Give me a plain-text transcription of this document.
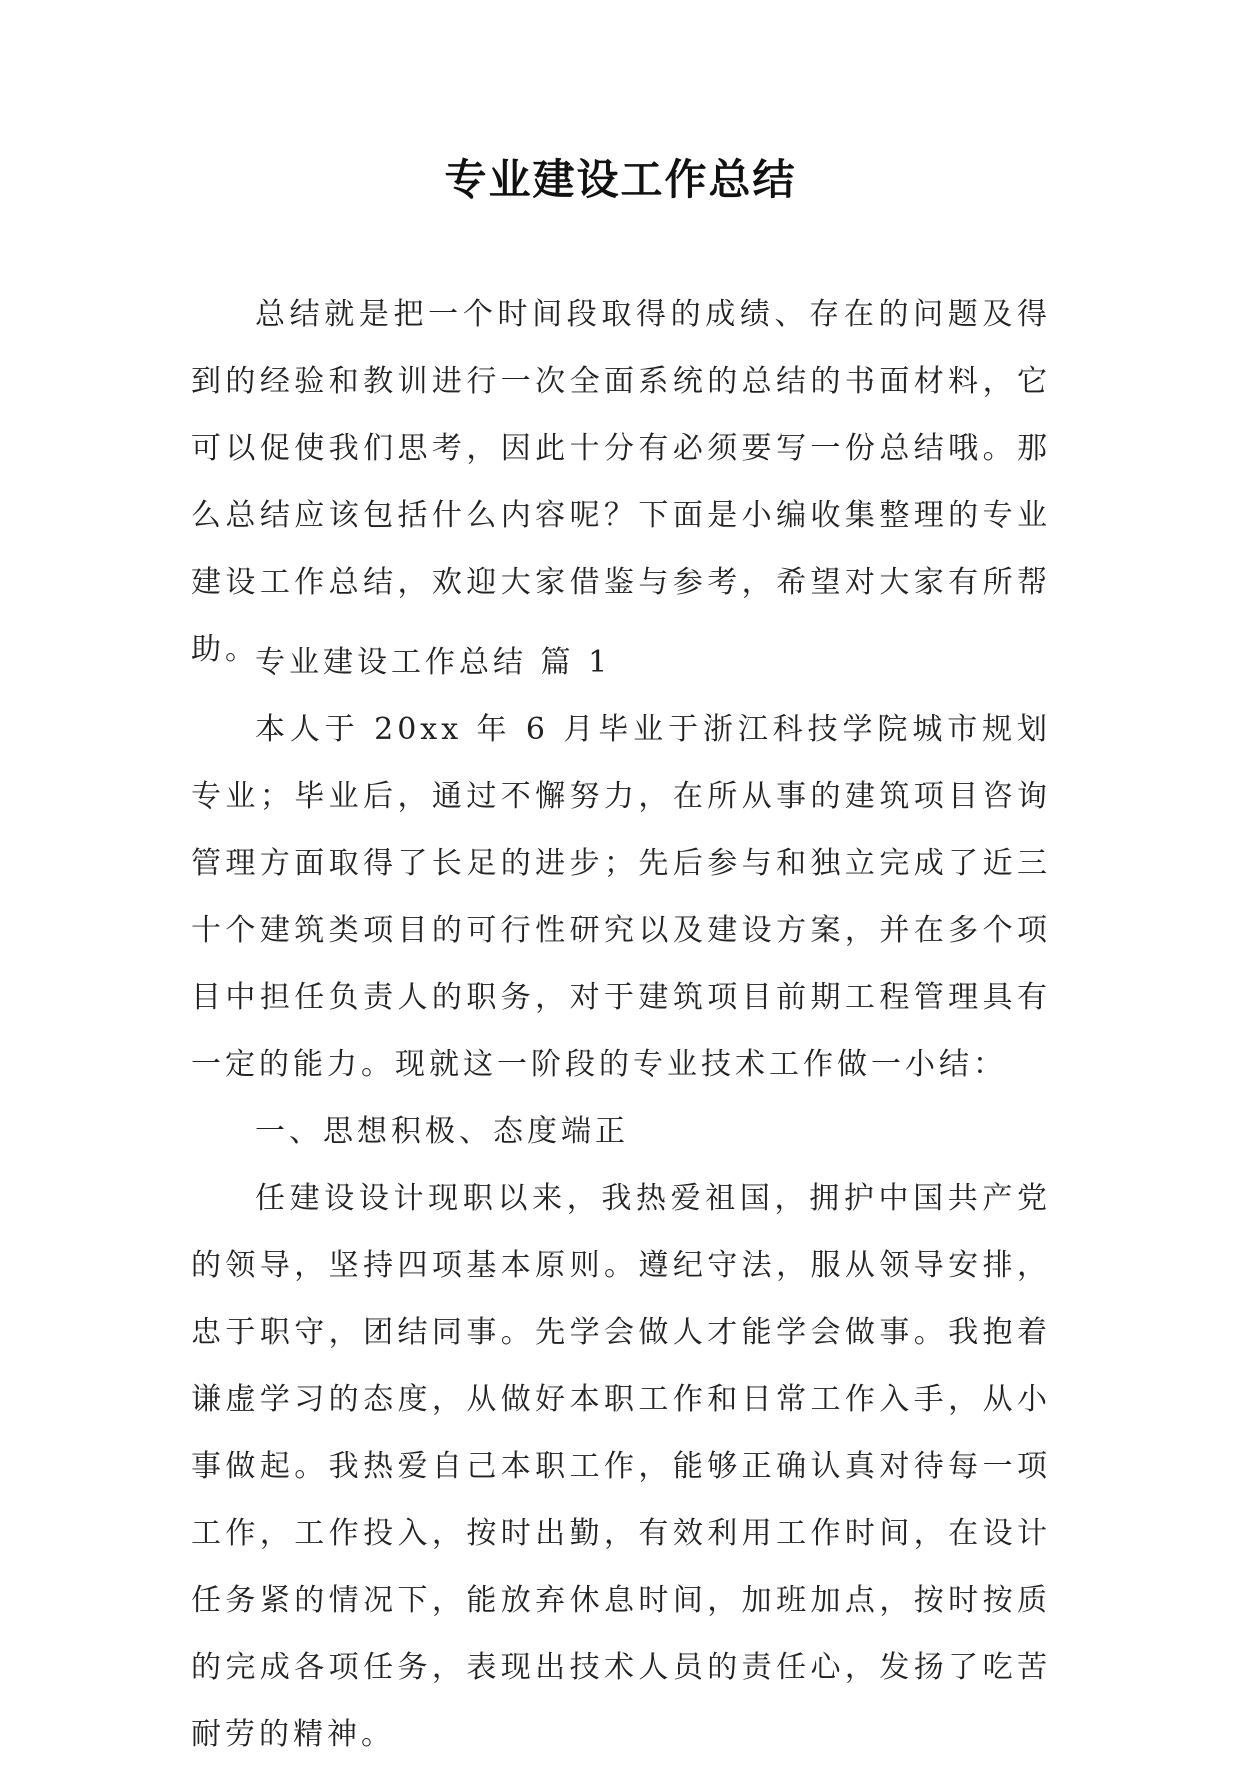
专业建设工作总结

总结就是把一个时间段取得的成绩、存在的问题及得到的经验和教训进行一次全面系统的总结的书面材料，它可以促使我们思考，因此十分有必须要写一份总结哦。那么总结应该包括什么内容呢？下面是小编收集整理的专业建设工作总结，欢迎大家借鉴与参考，希望对大家有所帮助。

专业建设工作总结 篇 1

本人于 20xx 年 6 月毕业于浙江科技学院城市规划专业；毕业后，通过不懈努力，在所从事的建筑项目咨询管理方面取得了长足的进步；先后参与和独立完成了近三十个建筑类项目的可行性研究以及建设方案，并在多个项目中担任负责人的职务，对于建筑项目前期工程管理具有一定的能力。现就这一阶段的专业技术工作做一小结：

一、思想积极、态度端正

任建设设计现职以来，我热爱祖国，拥护中国共产党的领导，坚持四项基本原则。遵纪守法，服从领导安排，忠于职守，团结同事。先学会做人才能学会做事。我抱着谦虚学习的态度，从做好本职工作和日常工作入手，从小事做起。我热爱自己本职工作，能够正确认真对待每一项工作，工作投入，按时出勤，有效利用工作时间，在设计任务紧的情况下，能放弃休息时间，加班加点，按时按质的完成各项任务，表现出技术人员的责任心，发扬了吃苦耐劳的精神。
